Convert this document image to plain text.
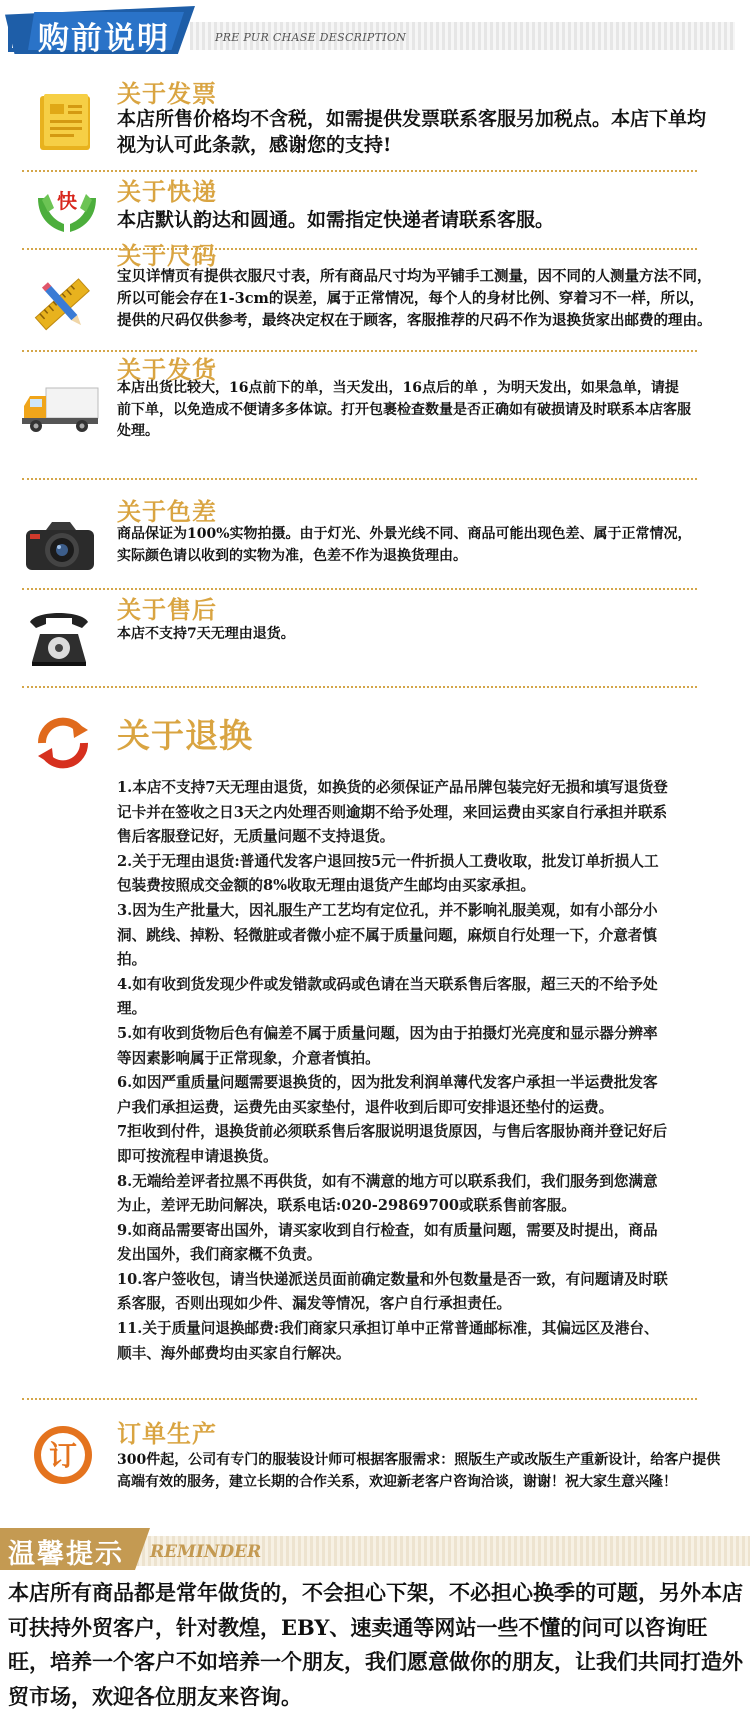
PRE PUR CHASE DESCRIPTION
购前说明
关于发票
本店所售价格均不含税，如需提供发票联系客服另加税点。本店下单均视为认可此条款，感谢您的支持!
快 关于快递
本店默认韵达和圆通。如需指定快递者请联系客服。
关于尺码
宝贝详情页有提供衣服尺寸表，所有商品尺寸均为平铺手工测量，因不同的人测量方法不同，所以可能会存在1-3cm的误差，属于正常情况，每个人的身材比例、穿着习不一样，所以，提供的尺码仅供参考，最终决定权在于顾客，客服推荐的尺码不作为退换货家出邮费的理由。
关于发货
本店出货比较大，16点前下的单，当天发出，16点后的单 ，为明天发出，如果急单，请提前下单，以免造成不便请多多体谅。打开包裹检查数量是否正确如有破损请及时联系本店客服处理。
关于色差
商品保证为100%实物拍摄。由于灯光、外景光线不同、商品可能出现色差、属于正常情况，实际颜色请以收到的实物为准，色差不作为退换货理由。
关于售后
本店不支持7天无理由退货。
关于退换

1.本店不支持7天无理由退货，如换货的必须保证产品吊牌包装完好无损和填写退货登记卡并在签收之日3天之内处理否则逾期不给予处理，来回运费由买家自行承担并联系售后客服登记好，无质量问题不支持退货。

2.关于无理由退货:普通代发客户退回按5元一件折损人工费收取，批发订单折损人工包装费按照成交金额的8%收取无理由退货产生邮均由买家承担。

3.因为生产批量大，因礼服生产工艺均有定位孔，并不影响礼服美观，如有小部分小洞、跳线、掉粉、轻微脏或者微小症不属于质量问题，麻烦自行处理一下，介意者慎拍。

4.如有收到货发现少件或发错款或码或色请在当天联系售后客服，超三天的不给予处理。

5.如有收到货物后色有偏差不属于质量问题，因为由于拍摄灯光亮度和显示器分辨率等因素影响属于正常现象，介意者慎拍。

6.如因严重质量问题需要退换货的，因为批发利润单薄代发客户承担一半运费批发客户我们承担运费，运费先由买家垫付，退件收到后即可安排退还垫付的运费。

7拒收到付件，退换货前必须联系售后客服说明退货原因，与售后客服协商并登记好后即可按流程申请退换货。

8.无端给差评者拉黑不再供货，如有不满意的地方可以联系我们，我们服务到您满意为止，差评无助问解决，联系电话:020-29869700或联系售前客服。

9.如商品需要寄出国外，请买家收到自行检查，如有质量问题，需要及时提出，商品发出国外，我们商家概不负责。

10.客户签收包，请当快递派送员面前确定数量和外包数量是否一致，有问题请及时联系客服，否则出现如少件、漏发等情况，客户自行承担责任。

11.关于质量问退换邮费:我们商家只承担订单中正常普通邮标准，其偏远区及港台、顺丰、海外邮费均由买家自行解决。

订
订单生产
300件起，公司有专门的服装设计师可根据客服需求：照版生产或改版生产重新设计，给客户提供高端有效的服务，建立长期的合作关系，欢迎新老客户咨询洽谈，谢谢！祝大家生意兴隆！
REMINDER
温馨提示
本店所有商品都是常年做货的，不会担心下架，不必担心换季的可题，另外本店可扶持外贸客户，针对教煌，EBY、速卖通等网站一些不懂的问可以咨询旺旺，培养一个客户不如培养一个朋友，我们愿意做你的朋友，让我们共同打造外贸市场，欢迎各位朋友来咨询。
